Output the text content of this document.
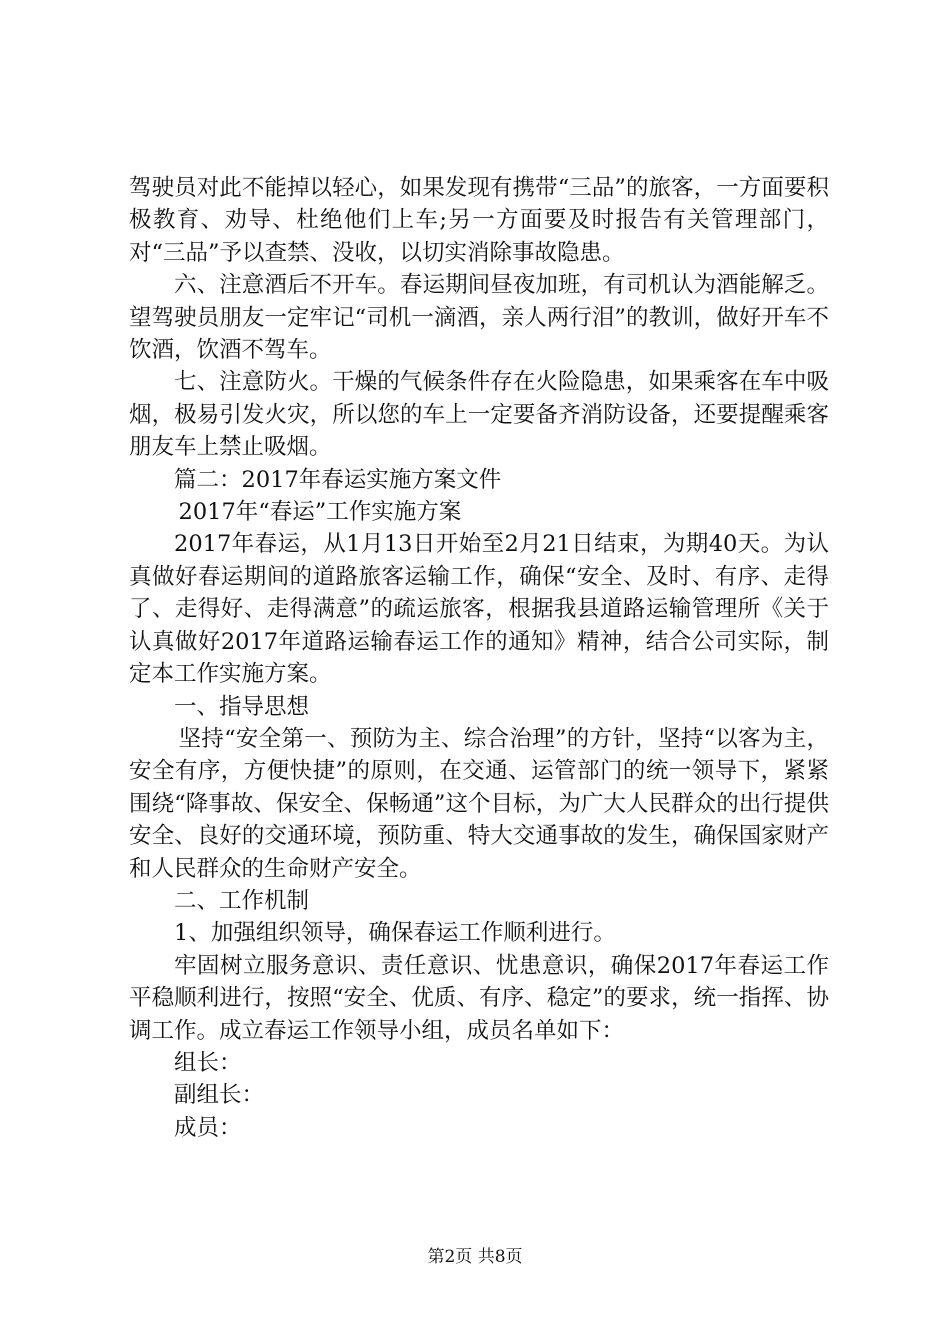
驾驶员对此不能掉以轻心，如果发现有携带“三品”的旅客，一方面要积极教育、劝导、杜绝他们上车;另一方面要及时报告有关管理部门，对“三品”予以查禁、没收，以切实消除事故隐患。

六、注意酒后不开车。春运期间昼夜加班，有司机认为酒能解乏。望驾驶员朋友一定牢记“司机一滴酒，亲人两行泪”的教训，做好开车不饮酒，饮酒不驾车。

七、注意防火。干燥的气候条件存在火险隐患，如果乘客在车中吸烟，极易引发火灾，所以您的车上一定要备齐消防设备，还要提醒乘客朋友车上禁止吸烟。

篇二：2017年春运实施方案文件

2017年“春运”工作实施方案

2017年春运，从1月13日开始至2月21日结束，为期40天。为认真做好春运期间的道路旅客运输工作，确保“安全、及时、有序、走得了、走得好、走得满意”的疏运旅客，根据我县道路运输管理所《关于认真做好2017年道路运输春运工作的通知》精神，结合公司实际，制定本工作实施方案。

一、指导思想

坚持“安全第一、预防为主、综合治理”的方针，坚持“以客为主，安全有序，方便快捷”的原则，在交通、运管部门的统一领导下，紧紧围绕“降事故、保安全、保畅通”这个目标，为广大人民群众的出行提供安全、良好的交通环境，预防重、特大交通事故的发生，确保国家财产和人民群众的生命财产安全。

二、工作机制

1、加强组织领导，确保春运工作顺利进行。

牢固树立服务意识、责任意识、忧患意识，确保2017年春运工作平稳顺利进行，按照“安全、优质、有序、稳定”的要求，统一指挥、协调工作。成立春运工作领导小组，成员名单如下：

组长：

副组长：

成员：

第2页 共8页
